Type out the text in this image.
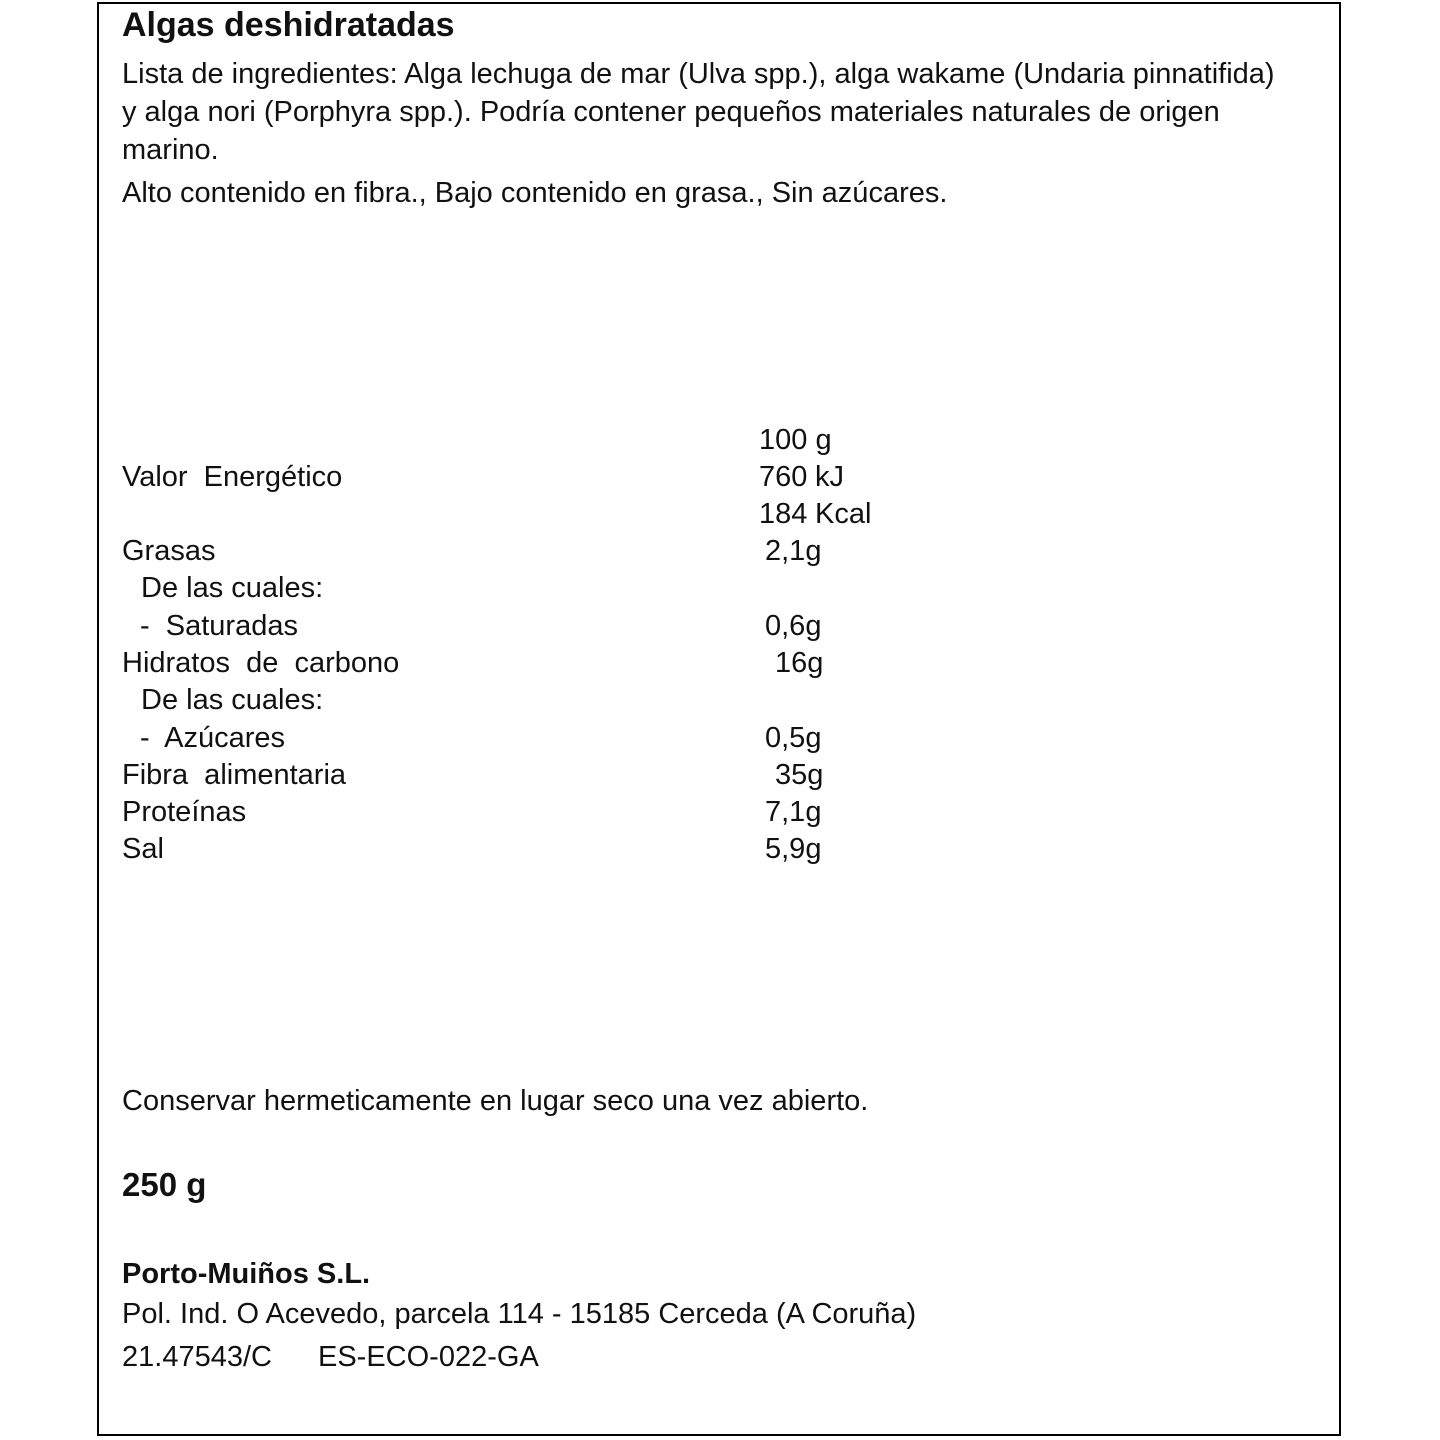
Algas deshidratadas
Lista de ingredientes: Alga lechuga de mar (Ulva spp.), alga wakame (Undaria pinnatifida) y alga nori (Porphyra spp.). Podría contener pequeños materiales naturales de origen marino.
Alto contenido en fibra., Bajo contenido en grasa., Sin azúcares.
100 g
Valor  Energético	760 kJ
184 Kcal
Grasas	2,1g
De las cuales:
-  Saturadas	0,6g
Hidratos  de  carbono	16g
De las cuales:
-  Azúcares	0,5g
Fibra  alimentaria	35g
Proteínas	7,1g
Sal	5,9g
Conservar hermeticamente en lugar seco una vez abierto.
250 g
Porto-Muiños S.L.
Pol. Ind. O Acevedo, parcela 114 - 15185 Cerceda (A Coruña)
21.47543/C ES-ECO-022-GA
